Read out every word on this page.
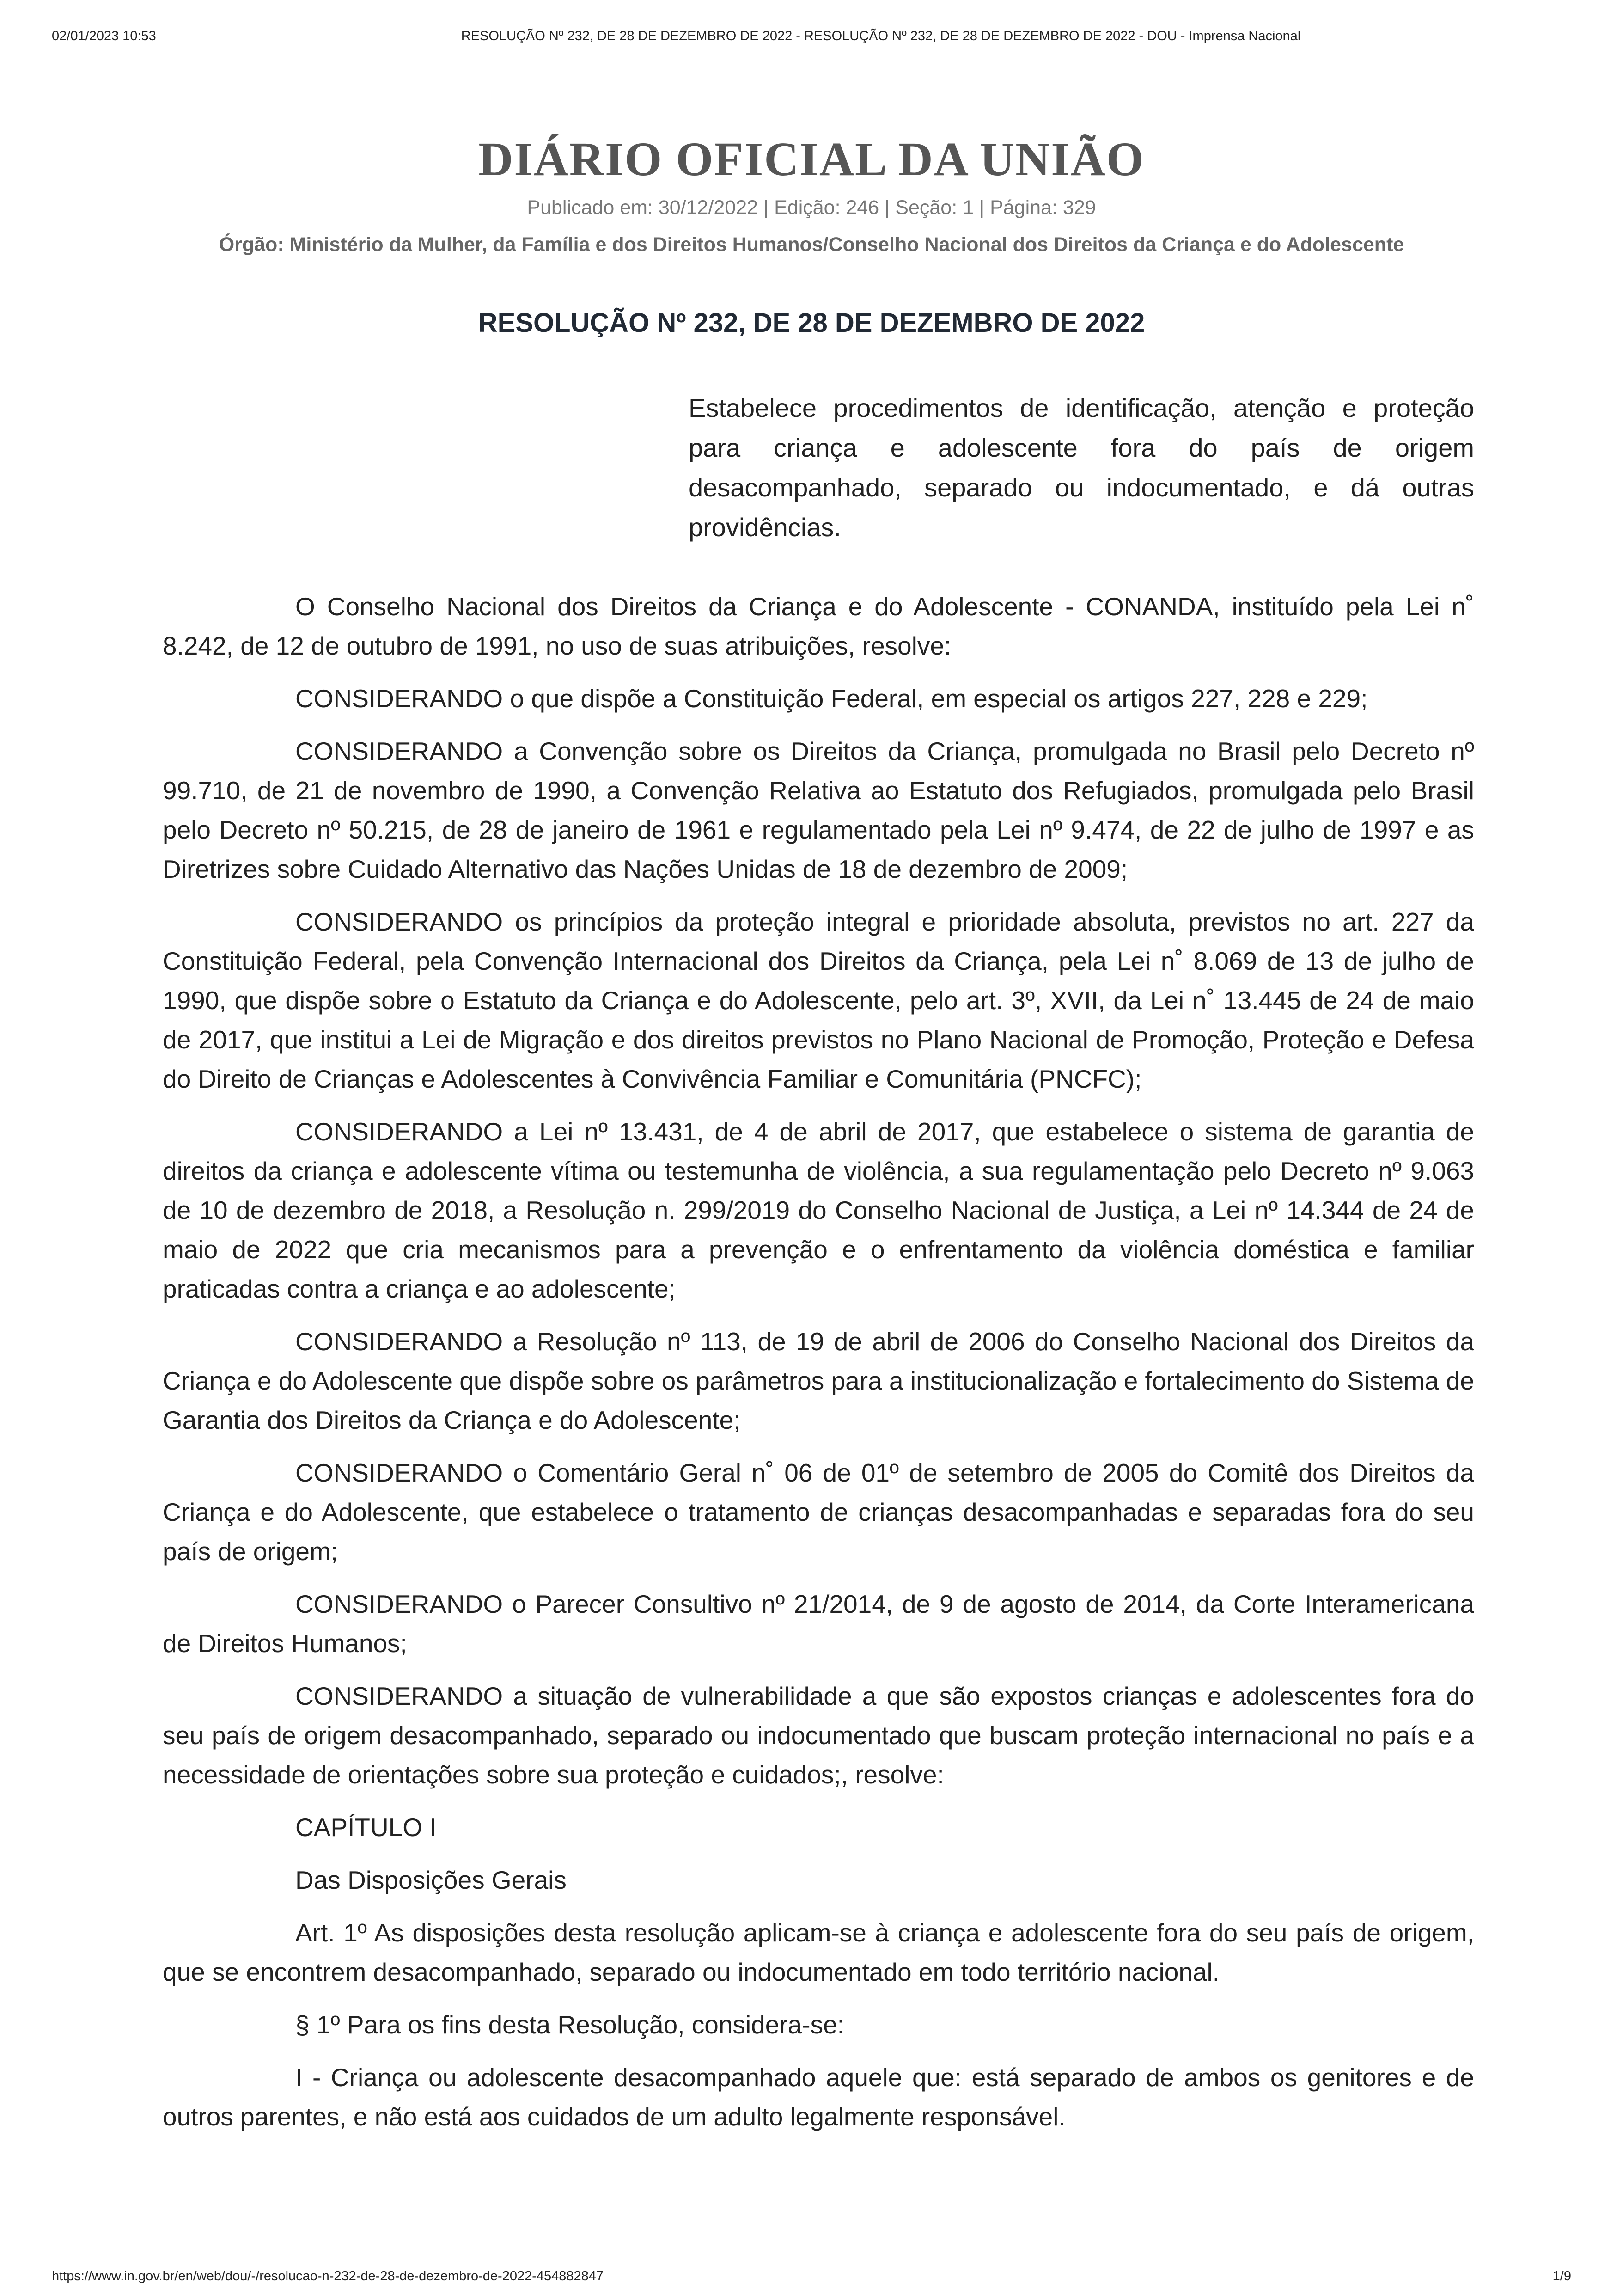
02/01/2023 10:53	RESOLUÇÃO Nº 232, DE 28 DE DEZEMBRO DE 2022 - RESOLUÇÃO Nº 232, DE 28 DE DEZEMBRO DE 2022 - DOU - Imprensa Nacional
DIÁRIO OFICIAL DA UNIÃO
Publicado em: 30/12/2022 | Edição: 246 | Seção: 1 | Página: 329
Órgão: Ministério da Mulher, da Família e dos Direitos Humanos/Conselho Nacional dos Direitos da Criança e do Adolescente
RESOLUÇÃO Nº 232, DE 28 DE DEZEMBRO DE 2022
Estabelece procedimentos de identificação, atenção e proteção para criança e adolescente fora do país de origem desacompanhado, separado ou indocumentado, e dá outras providências.

O Conselho Nacional dos Direitos da Criança e do Adolescente - CONANDA, instituído pela Lei n˚ 8.242, de 12 de outubro de 1991, no uso de suas atribuições, resolve:

CONSIDERANDO o que dispõe a Constituição Federal, em especial os artigos 227, 228 e 229;

CONSIDERANDO a Convenção sobre os Direitos da Criança, promulgada no Brasil pelo Decreto nº 99.710, de 21 de novembro de 1990, a Convenção Relativa ao Estatuto dos Refugiados, promulgada pelo Brasil pelo Decreto nº 50.215, de 28 de janeiro de 1961 e regulamentado pela Lei nº 9.474, de 22 de julho de 1997 e as Diretrizes sobre Cuidado Alternativo das Nações Unidas de 18 de dezembro de 2009;

CONSIDERANDO os princípios da proteção integral e prioridade absoluta, previstos no art. 227 da Constituição Federal, pela Convenção Internacional dos Direitos da Criança, pela Lei n˚ 8.069 de 13 de julho de 1990, que dispõe sobre o Estatuto da Criança e do Adolescente, pelo art. 3º, XVII, da Lei n˚ 13.445 de 24 de maio de 2017, que institui a Lei de Migração e dos direitos previstos no Plano Nacional de Promoção, Proteção e Defesa do Direito de Crianças e Adolescentes à Convivência Familiar e Comunitária (PNCFC);

CONSIDERANDO a Lei nº 13.431, de 4 de abril de 2017, que estabelece o sistema de garantia de direitos da criança e adolescente vítima ou testemunha de violência, a sua regulamentação pelo Decreto nº 9.063 de 10 de dezembro de 2018, a Resolução n. 299/2019 do Conselho Nacional de Justiça, a Lei nº 14.344 de 24 de maio de 2022 que cria mecanismos para a prevenção e o enfrentamento da violência doméstica e familiar praticadas contra a criança e ao adolescente;

CONSIDERANDO a Resolução nº 113, de 19 de abril de 2006 do Conselho Nacional dos Direitos da Criança e do Adolescente que dispõe sobre os parâmetros para a institucionalização e fortalecimento do Sistema de Garantia dos Direitos da Criança e do Adolescente;

CONSIDERANDO o Comentário Geral n˚ 06 de 01º de setembro de 2005 do Comitê dos Direitos da Criança e do Adolescente, que estabelece o tratamento de crianças desacompanhadas e separadas fora do seu país de origem;

CONSIDERANDO o Parecer Consultivo nº 21/2014, de 9 de agosto de 2014, da Corte Interamericana de Direitos Humanos;

CONSIDERANDO a situação de vulnerabilidade a que são expostos crianças e adolescentes fora do seu país de origem desacompanhado, separado ou indocumentado que buscam proteção internacional no país e a necessidade de orientações sobre sua proteção e cuidados;, resolve:

CAPÍTULO I

Das Disposições Gerais

Art. 1º As disposições desta resolução aplicam-se à criança e adolescente fora do seu país de origem, que se encontrem desacompanhado, separado ou indocumentado em todo território nacional.

§ 1º Para os fins desta Resolução, considera-se:

I - Criança ou adolescente desacompanhado aquele que: está separado de ambos os genitores e de outros parentes, e não está aos cuidados de um adulto legalmente responsável.

https://www.in.gov.br/en/web/dou/-/resolucao-n-232-de-28-de-dezembro-de-2022-454882847	1/9
